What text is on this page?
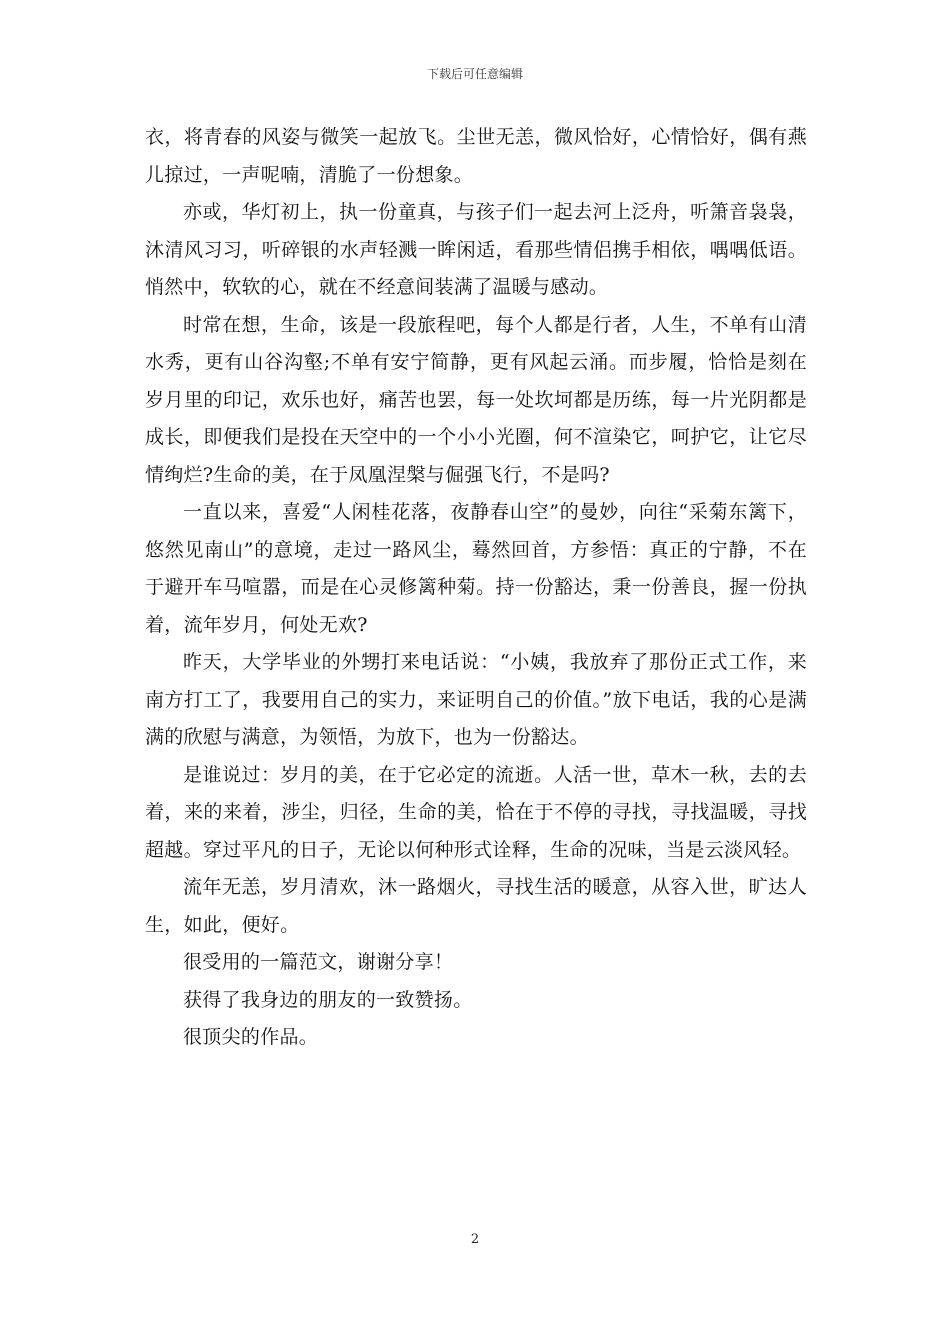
下载后可任意编辑

衣，将青春的风姿与微笑一起放飞。尘世无恙，微风恰好，心情恰好，偶有燕儿掠过，一声呢喃，清脆了一份想象。

亦或，华灯初上，执一份童真，与孩子们一起去河上泛舟，听箫音袅袅，沐清风习习，听碎银的水声轻溅一眸闲适，看那些情侣携手相依，喁喁低语。悄然中，软软的心，就在不经意间装满了温暖与感动。

时常在想，生命，该是一段旅程吧，每个人都是行者，人生，不单有山清水秀，更有山谷沟壑;不单有安宁简静，更有风起云涌。而步履，恰恰是刻在岁月里的印记，欢乐也好，痛苦也罢，每一处坎坷都是历练，每一片光阴都是成长，即便我们是投在天空中的一个小小光圈，何不渲染它，呵护它，让它尽情绚烂?生命的美，在于凤凰涅槃与倔强飞行，不是吗?

一直以来，喜爱“人闲桂花落，夜静春山空”的曼妙，向往“采菊东篱下，悠然见南山”的意境，走过一路风尘，蓦然回首，方参悟：真正的宁静，不在于避开车马喧嚣，而是在心灵修篱种菊。持一份豁达，秉一份善良，握一份执着，流年岁月，何处无欢?

昨天，大学毕业的外甥打来电话说：“小姨，我放弃了那份正式工作，来南方打工了，我要用自己的实力，来证明自己的价值。”放下电话，我的心是满满的欣慰与满意，为领悟，为放下，也为一份豁达。

是谁说过：岁月的美，在于它必定的流逝。人活一世，草木一秋，去的去着，来的来着，涉尘，归径，生命的美，恰在于不停的寻找，寻找温暖，寻找超越。穿过平凡的日子，无论以何种形式诠释，生命的况味，当是云淡风轻。

流年无恙，岁月清欢，沐一路烟火，寻找生活的暖意，从容入世，旷达人生，如此，便好。

很受用的一篇范文，谢谢分享！

获得了我身边的朋友的一致赞扬。

很顶尖的作品。

2
